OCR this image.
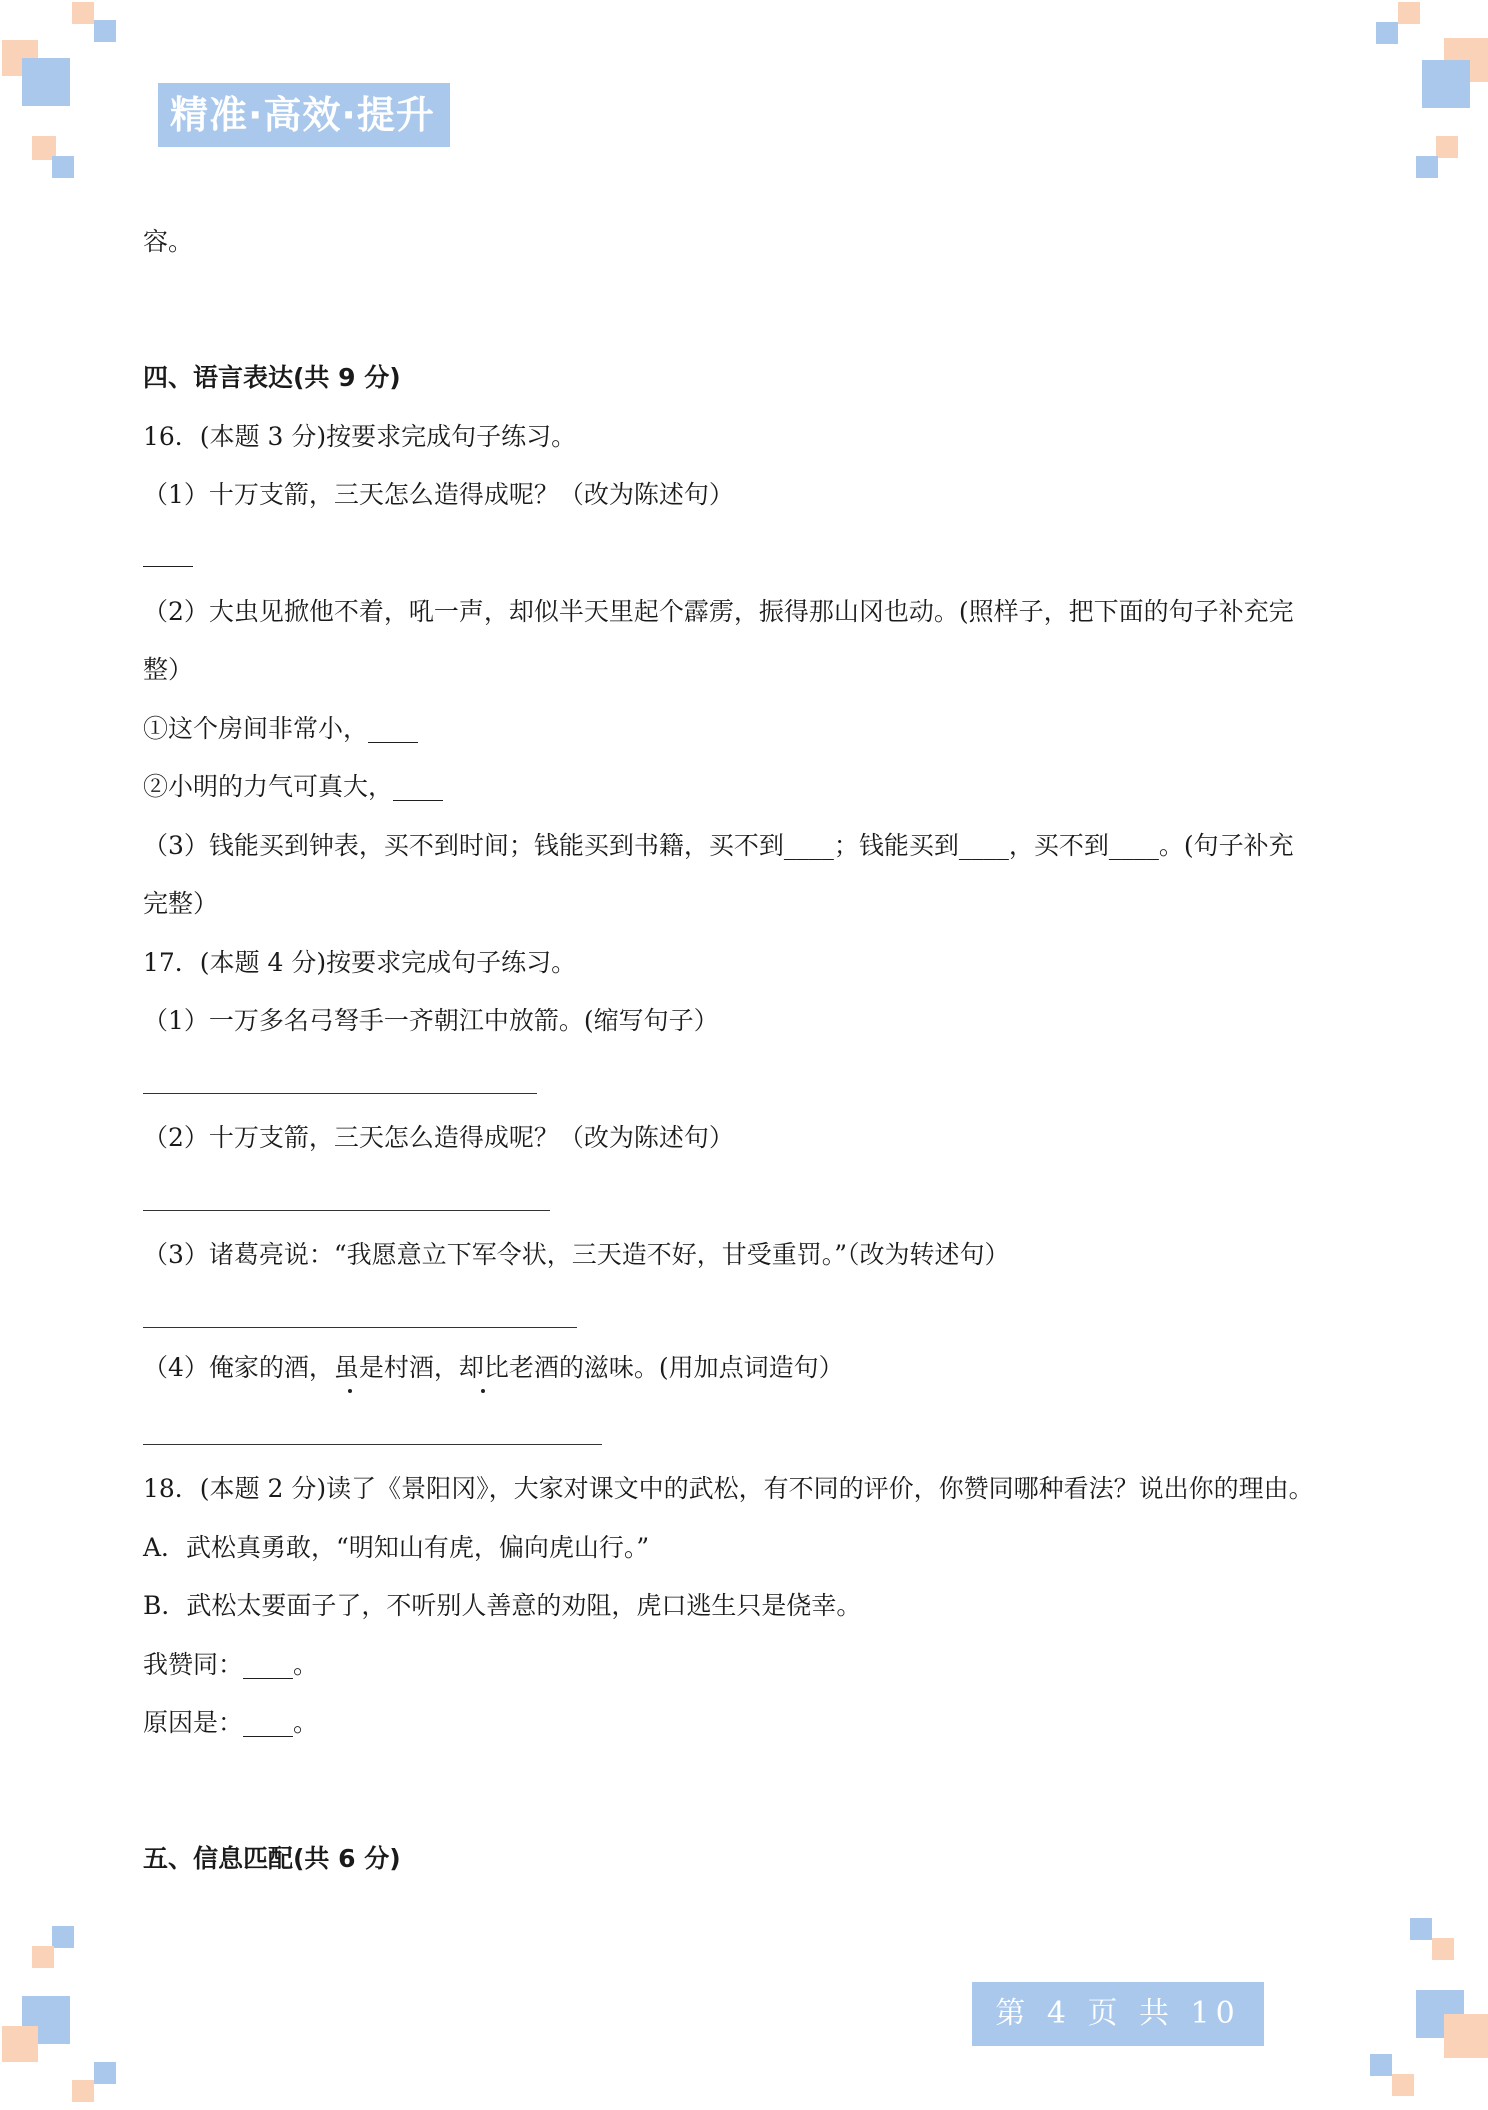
精准·高效·提升
容。
四、语言表达(共 9 分)
16．(本题 3 分)按要求完成句子练习。
（1）十万支箭，三天怎么造得成呢？（改为陈述句）
____
（2）大虫见掀他不着，吼一声，却似半天里起个霹雳，振得那山冈也动。(照样子，把下面的句子补充完
整）
①这个房间非常小，____
②小明的力气可真大，____
（3）钱能买到钟表，买不到时间；钱能买到书籍，买不到____；钱能买到____，买不到____。(句子补充
完整）
17．(本题 4 分)按要求完成句子练习。
（1）一万多名弓弩手一齐朝江中放箭。(缩写句子）
（2）十万支箭，三天怎么造得成呢？（改为陈述句）
（3）诸葛亮说：“我愿意立下军令状，三天造不好，甘受重罚。”（改为转述句）
（4）俺家的酒，虽是村酒，却比老酒的滋味。(用加点词造句）
18．(本题 2 分)读了《景阳冈》，大家对课文中的武松，有不同的评价，你赞同哪种看法？说出你的理由。
A．武松真勇敢，“明知山有虎，偏向虎山行。”
B．武松太要面子了，不听别人善意的劝阻，虎口逃生只是侥幸。
我赞同：____。
原因是：____。
五、信息匹配(共 6 分)
第 4 页 共 10 页
